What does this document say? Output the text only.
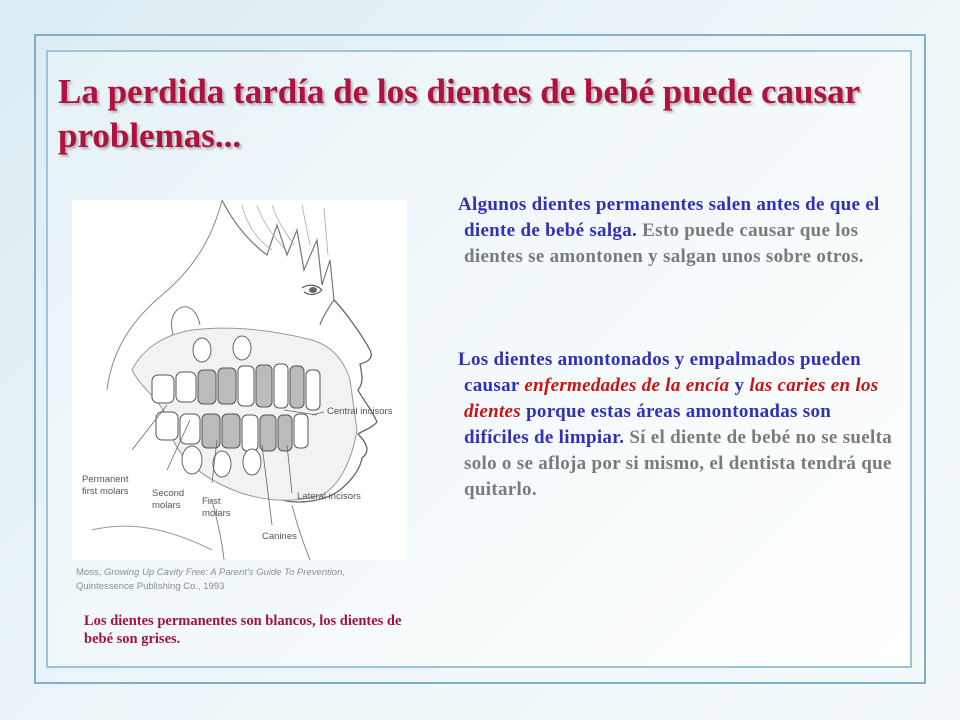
La perdida tardía de los dientes de bebé puede causar problemas...
Central incisors
Permanent
first molars Second
molars First
molars
Lateral incisors
Canines
Moss, Growing Up Cavity Free: A Parent's Guide To Prevention,
Quintessence Publishing Co., 1993
Los dientes permanentes son blancos, los dientes de bebé son grises.
Algunos dientes permanentes salen antes de que el diente de bebé salga. Esto puede causar que los dientes se amontonen y salgan unos sobre otros.
Los dientes amontonados y empalmados pueden causar enfermedades de la encía y las caries en los dientes porque estas áreas amontonadas son difíciles de limpiar. Sí el diente de bebé no se suelta solo o se afloja por si mismo, el dentista tendrá que quitarlo.
